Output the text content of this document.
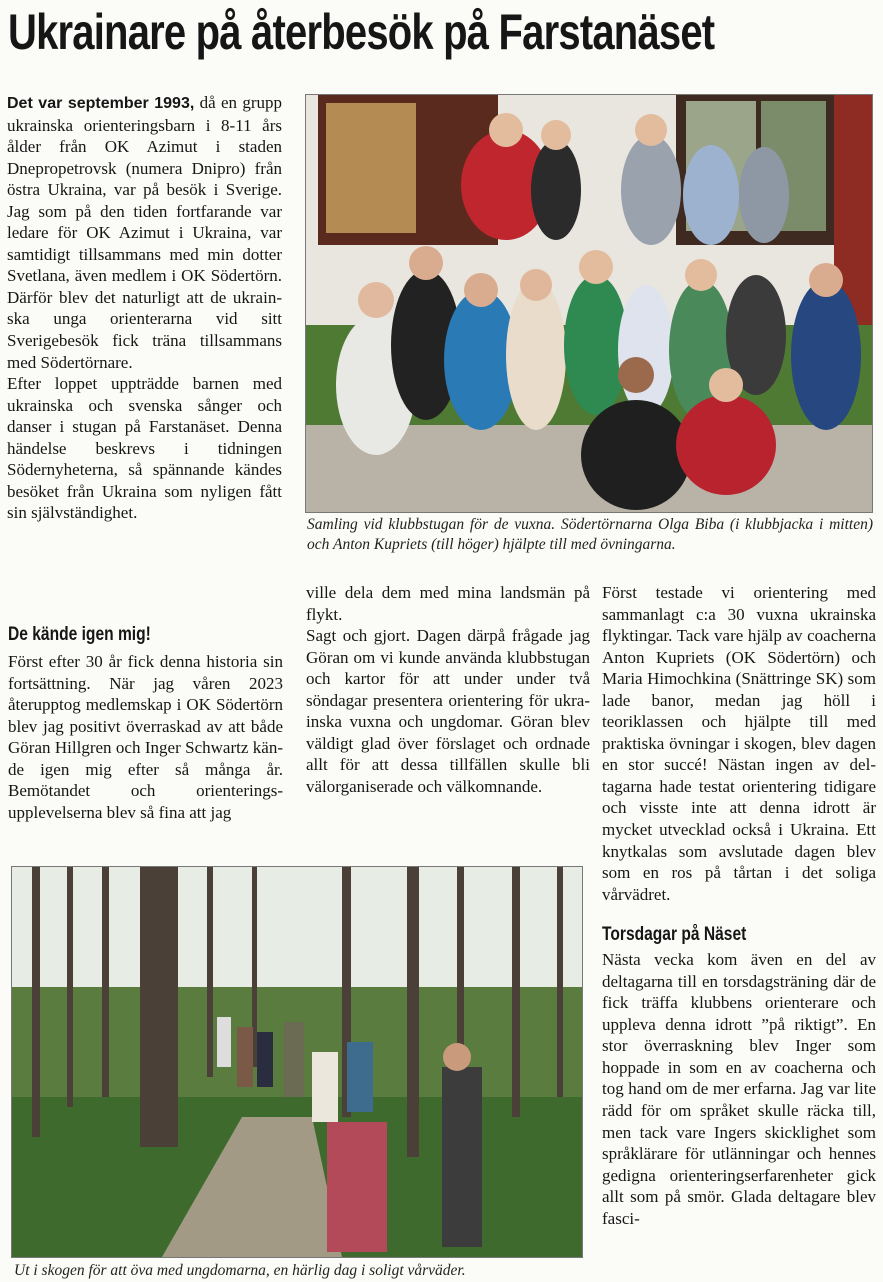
Ukrainare på återbesök på Farstanäset

Det var september 1993, då en grupp ukrainska orienteringsbarn i 8-11 års ålder från OK Azimut i staden Dnepropetrovsk (numera Dnipro) från östra Ukraina, var på besök i Sverige. Jag som på den tiden fortfarande var ledare för OK Azimut i Ukraina, var samtidigt tillsammans med min dotter Svetlana, även medlem i OK Södertörn. Därför blev det naturligt att de ukrainska unga orienterarna vid sitt Sverigebesök fick träna tillsammans med Södertörnare.

Efter loppet uppträdde barnen med ukrainska och svenska sånger och danser i stugan på Farstanäset. Denna händelse beskrevs i tidningen Södernyheterna, så spännande kändes besöket från Ukraina som nyligen fått sin självständighet.

De kände igen mig!

Först efter 30 år fick denna historia sin fortsättning. När jag våren 2023 återupptog medlemskap i OK Södertörn blev jag positivt överraskad av att både Göran Hillgren och Inger Schwartz kände igen mig efter så många år. Bemötandet och orienteringsupplevelserna blev så fina att jag

Samling vid klubbstugan för de vuxna. Södertörnarna Olga Biba (i klubbjacka i mitten) och Anton Kupriets (till höger) hjälpte till med övningarna.

ville dela dem med mina landsmän på flykt.

Sagt och gjort. Dagen därpå frågade jag Göran om vi kunde använda klubbstugan och kartor för att under under två söndagar presentera orientering för ukrainska vuxna och ungdomar. Göran blev väldigt glad över förslaget och ordnade allt för att dessa tillfällen skulle bli välorganiserade och välkomnande.

Först testade vi orientering med sammanlagt c:a 30 vuxna ukrainska flyktingar. Tack vare hjälp av coacherna Anton Kupriets (OK Södertörn) och Maria Himochkina (Snättringe SK) som lade banor, medan jag höll i teoriklassen och hjälpte till med praktiska övningar i skogen, blev dagen en stor succé! Nästan ingen av deltagarna hade testat orientering tidigare och visste inte att denna idrott är mycket utvecklad också i Ukraina. Ett knytkalas som avslutade dagen blev som en ros på tårtan i det soliga vårvädret.

Torsdagar på Näset

Nästa vecka kom även en del av deltagarna till en torsdagsträning där de fick träffa klubbens orienterare och uppleva denna idrott ”på riktigt”. En stor överraskning blev Inger som hoppade in som en av coacherna och tog hand om de mer erfarna. Jag var lite rädd för om språket skulle räcka till, men tack vare Ingers skicklighet som språklärare för utlänningar och hennes gedigna orienteringserfarenheter gick allt som på smör. Glada deltagare blev fasci-

Ut i skogen för att öva med ungdomarna, en härlig dag i soligt vårväder.
